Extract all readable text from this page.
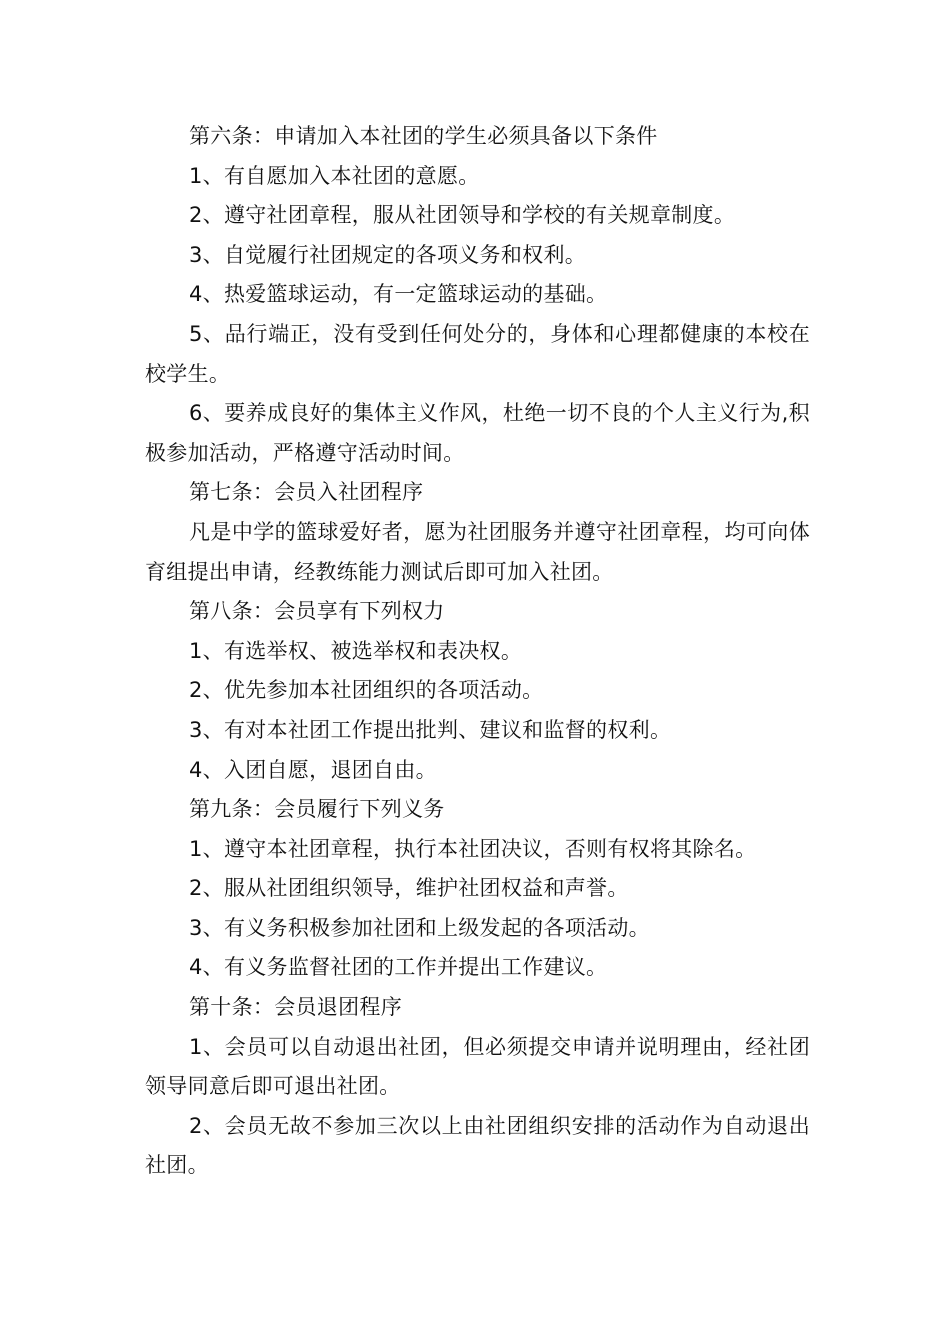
第六条：申请加入本社团的学生必须具备以下条件

1、有自愿加入本社团的意愿。

2、遵守社团章程，服从社团领导和学校的有关规章制度。

3、自觉履行社团规定的各项义务和权利。

4、热爱篮球运动，有一定篮球运动的基础。

5、品行端正，没有受到任何处分的，身体和心理都健康的本校在校学生。

6、要养成良好的集体主义作风，杜绝一切不良的个人主义行为,积极参加活动，严格遵守活动时间。

第七条：会员入社团程序

凡是中学的篮球爱好者，愿为社团服务并遵守社团章程，均可向体育组提出申请，经教练能力测试后即可加入社团。

第八条：会员享有下列权力

1、有选举权、被选举权和表决权。

2、优先参加本社团组织的各项活动。

3、有对本社团工作提出批判、建议和监督的权利。

4、入团自愿，退团自由。

第九条：会员履行下列义务

1、遵守本社团章程，执行本社团决议，否则有权将其除名。

2、服从社团组织领导，维护社团权益和声誉。

3、有义务积极参加社团和上级发起的各项活动。

4、有义务监督社团的工作并提出工作建议。

第十条：会员退团程序

1、会员可以自动退出社团，但必须提交申请并说明理由，经社团领导同意后即可退出社团。

2、会员无故不参加三次以上由社团组织安排的活动作为自动退出社团。
